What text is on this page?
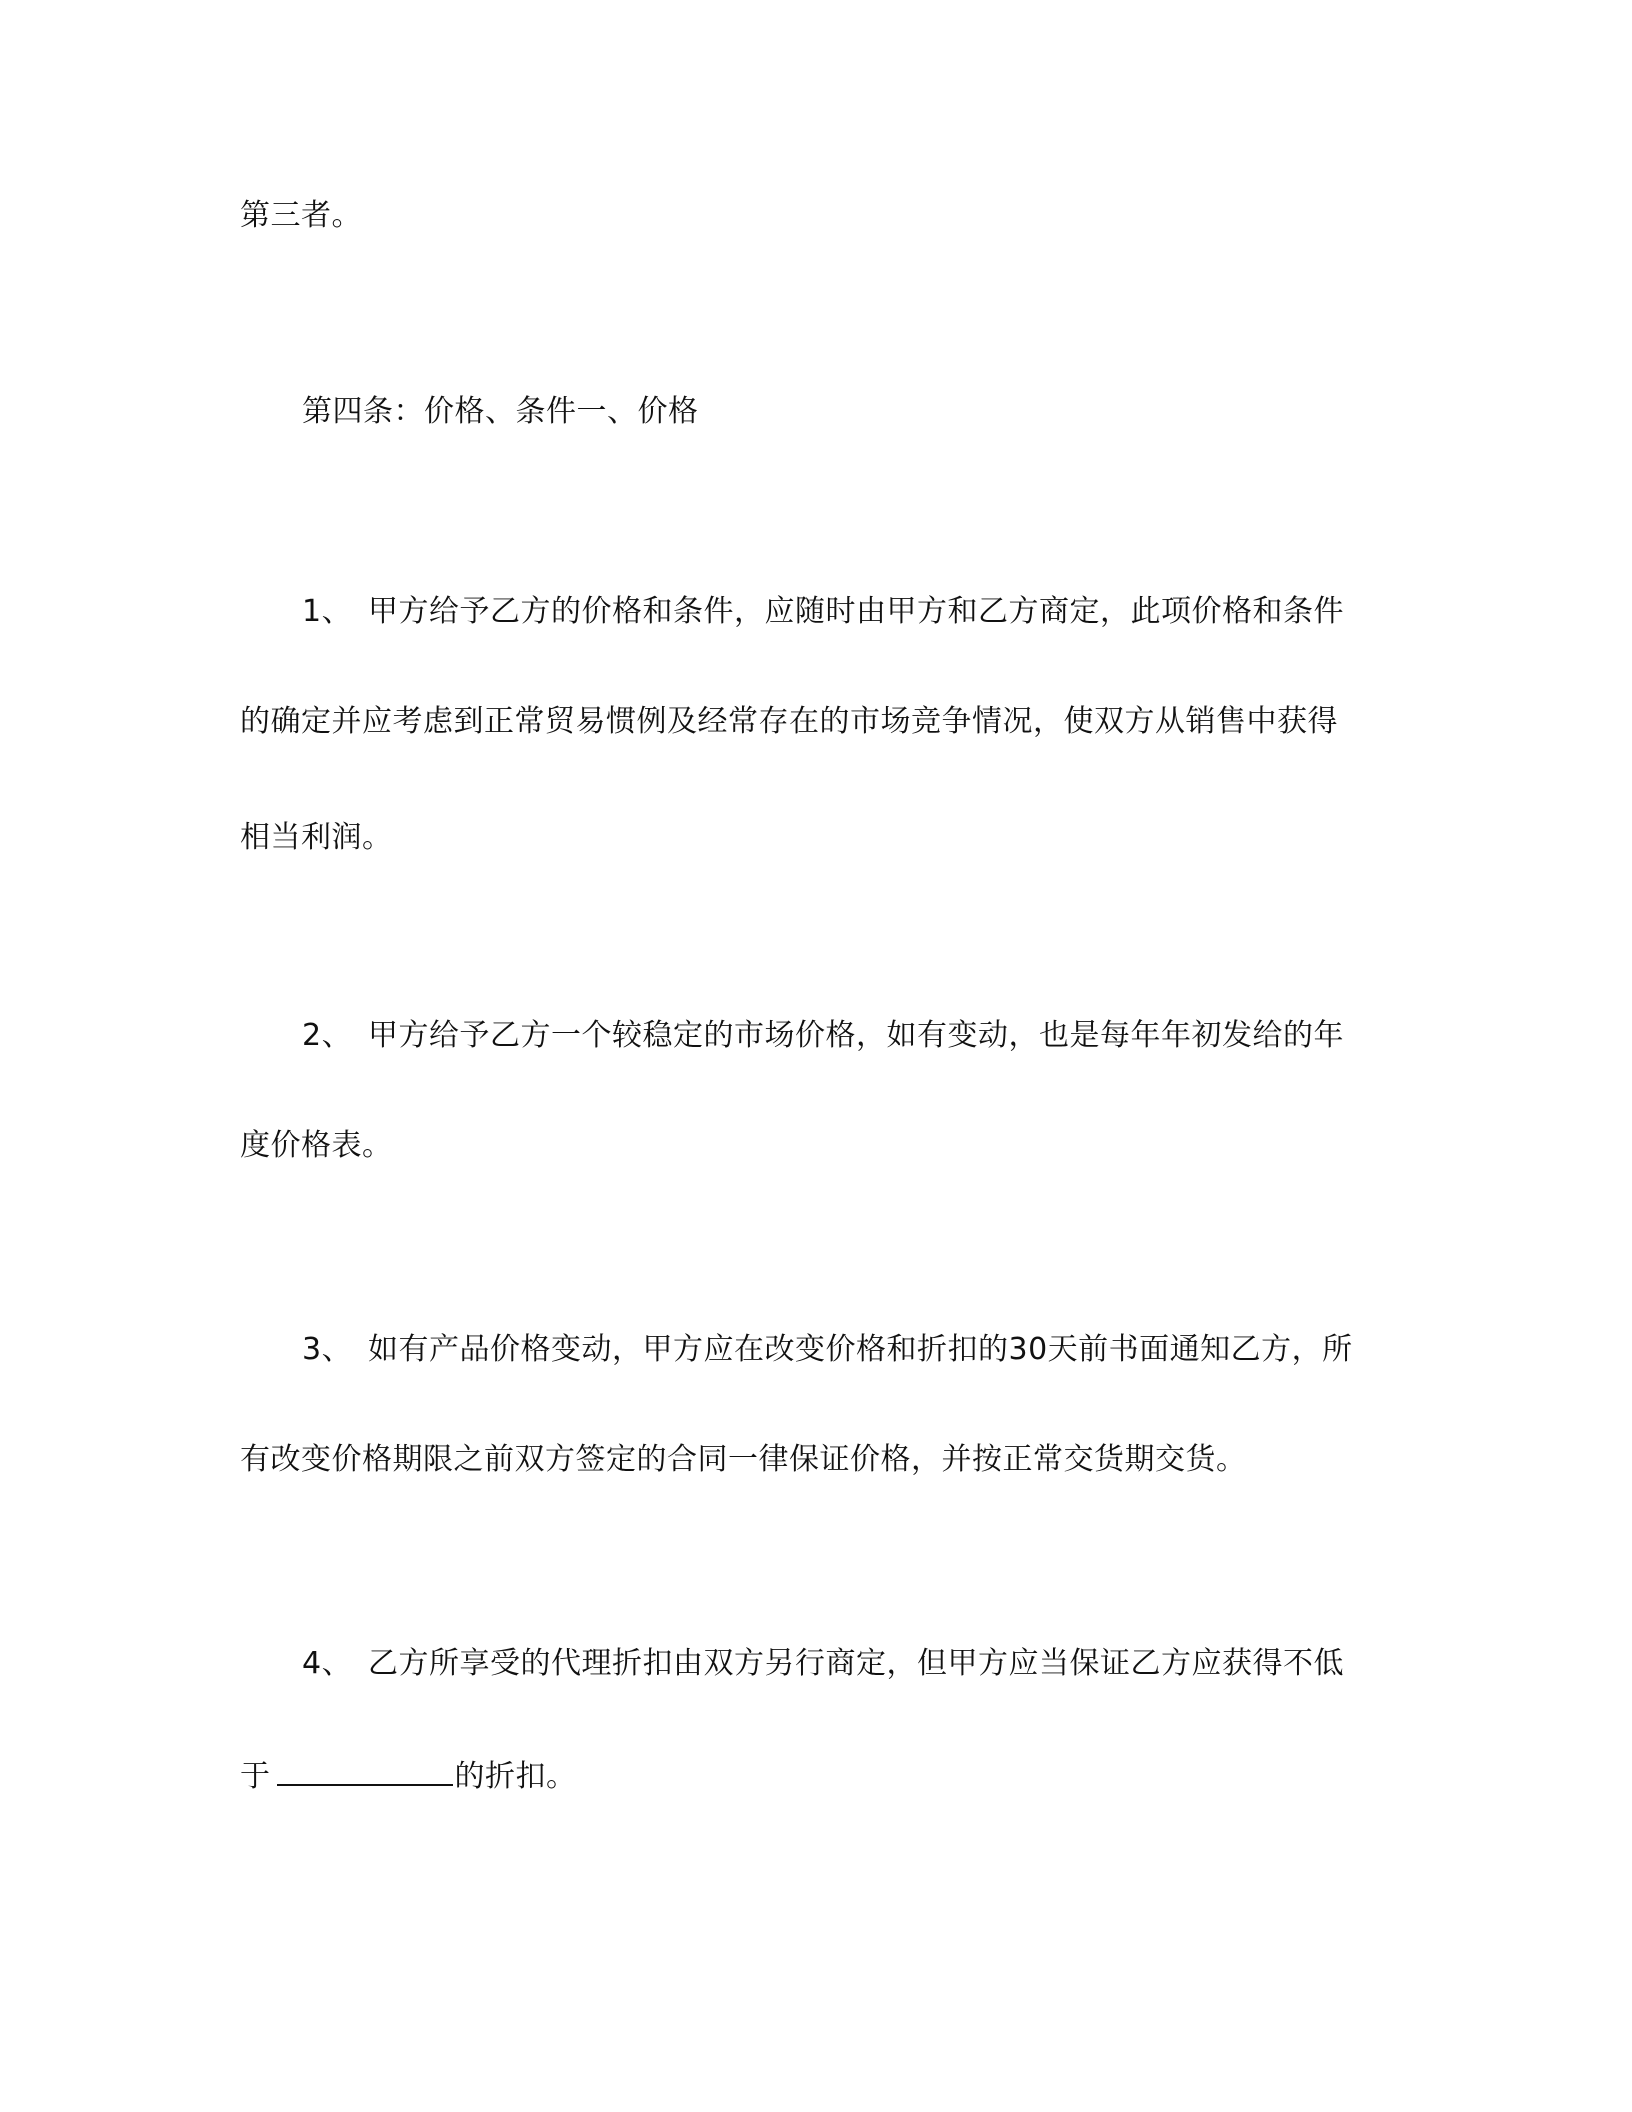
第三者。
第四条：价格、条件一、价格
1、 甲方给予乙方的价格和条件，应随时由甲方和乙方商定，此项价格和条件
的确定并应考虑到正常贸易惯例及经常存在的市场竞争情况，使双方从销售中获得
相当利润。
2、 甲方给予乙方一个较稳定的市场价格，如有变动，也是每年年初发给的年
度价格表。
3、 如有产品价格变动，甲方应在改变价格和折扣的30天前书面通知乙方，所
有改变价格期限之前双方签定的合同一律保证价格，并按正常交货期交货。
4、 乙方所享受的代理折扣由双方另行商定，但甲方应当保证乙方应获得不低
于	的折扣。
